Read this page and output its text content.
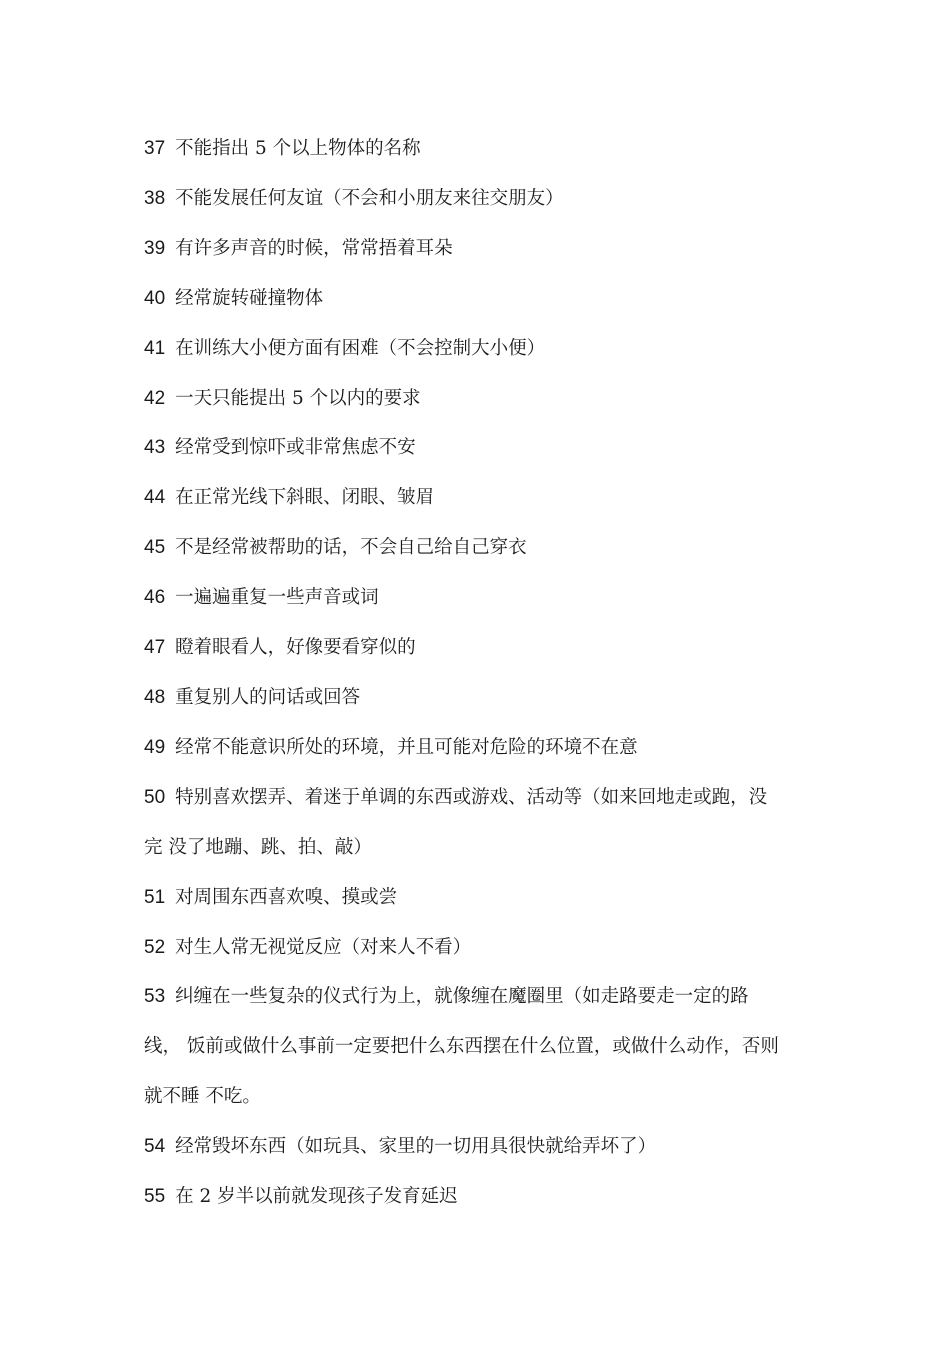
37 不能指出 5 个以上物体的名称
38 不能发展任何友谊（不会和小朋友来往交朋友）
39 有许多声音的时候，常常捂着耳朵
40 经常旋转碰撞物体
41 在训练大小便方面有困难（不会控制大小便）
42 一天只能提出 5 个以内的要求
43 经常受到惊吓或非常焦虑不安
44 在正常光线下斜眼、闭眼、皱眉
45 不是经常被帮助的话，不会自己给自己穿衣
46 一遍遍重复一些声音或词
47 瞪着眼看人，好像要看穿似的
48 重复别人的问话或回答
49 经常不能意识所处的环境，并且可能对危险的环境不在意
50 特别喜欢摆弄、着迷于单调的东西或游戏、活动等（如来回地走或跑，没
完 没了地蹦、跳、拍、敲）
51 对周围东西喜欢嗅、摸或尝
52 对生人常无视觉反应（对来人不看）
53 纠缠在一些复杂的仪式行为上，就像缠在魔圈里（如走路要走一定的路
线， 饭前或做什么事前一定要把什么东西摆在什么位置，或做什么动作，否则
就不睡 不吃。
54 经常毁坏东西（如玩具、家里的一切用具很快就给弄坏了）
55 在 2 岁半以前就发现孩子发育延迟
